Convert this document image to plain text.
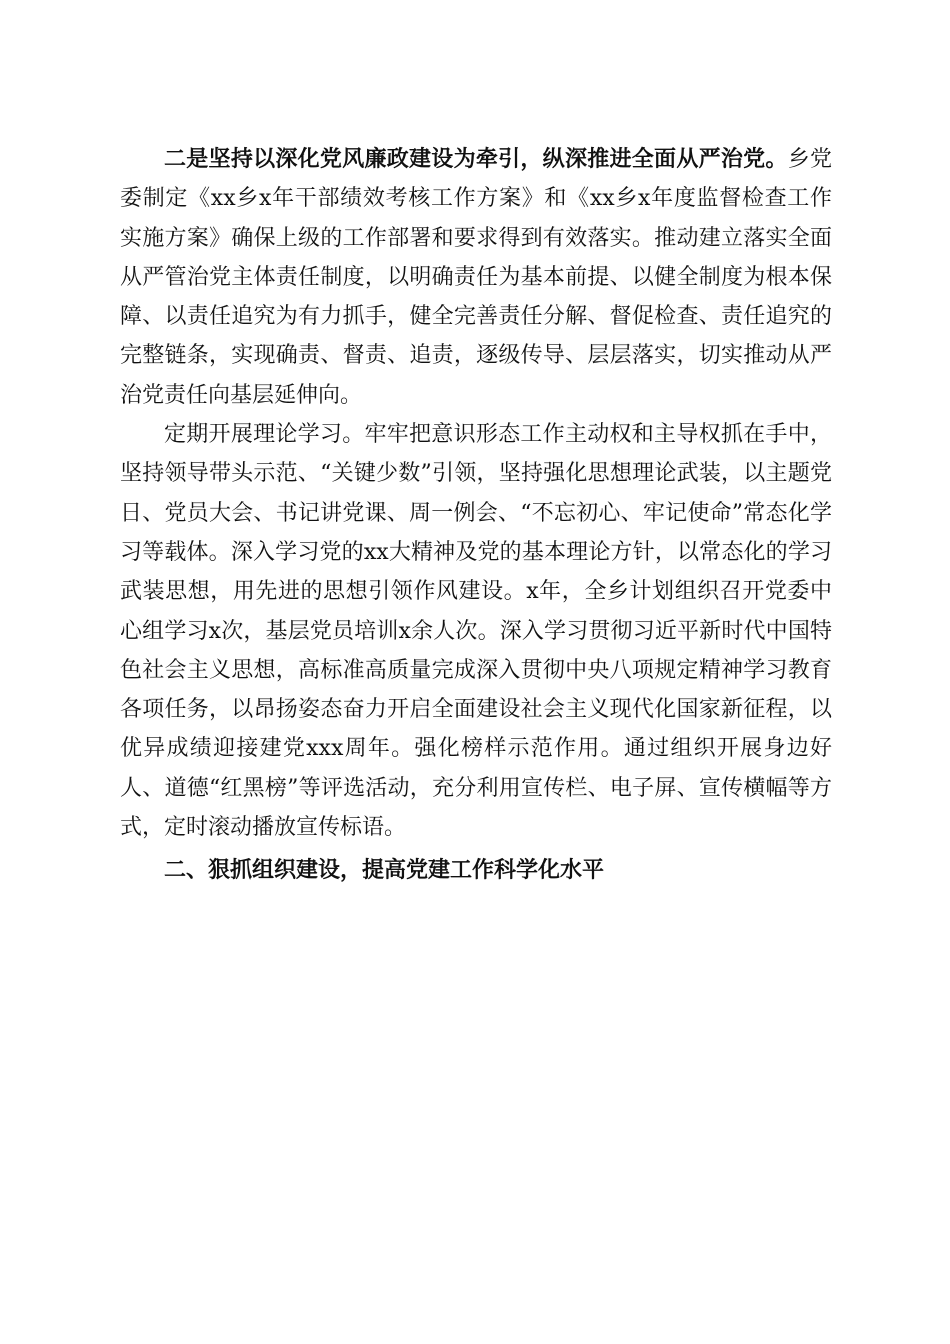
二是坚持以深化党风廉政建设为牵引，纵深推进全面从严治党。乡党委制定《xx乡x年干部绩效考核工作方案》和《xx乡x年度监督检查工作实施方案》确保上级的工作部署和要求得到有效落实。推动建立落实全面从严管治党主体责任制度，以明确责任为基本前提、以健全制度为根本保障、以责任追究为有力抓手，健全完善责任分解、督促检查、责任追究的完整链条，实现确责、督责、追责，逐级传导、层层落实，切实推动从严治党责任向基层延伸向。

定期开展理论学习。牢牢把意识形态工作主动权和主导权抓在手中，坚持领导带头示范、“关键少数”引领，坚持强化思想理论武装，以主题党日、党员大会、书记讲党课、周一例会、“不忘初心、牢记使命”常态化学习等载体。深入学习党的xx大精神及党的基本理论方针，以常态化的学习武装思想，用先进的思想引领作风建设。x年，全乡计划组织召开党委中心组学习x次，基层党员培训x余人次。深入学习贯彻习近平新时代中国特色社会主义思想，高标准高质量完成深入贯彻中央八项规定精神学习教育各项任务，以昂扬姿态奋力开启全面建设社会主义现代化国家新征程，以优异成绩迎接建党xxx周年。强化榜样示范作用。通过组织开展身边好人、道德“红黑榜”等评选活动，充分利用宣传栏、电子屏、宣传横幅等方式，定时滚动播放宣传标语。

二、狠抓组织建设，提高党建工作科学化水平
